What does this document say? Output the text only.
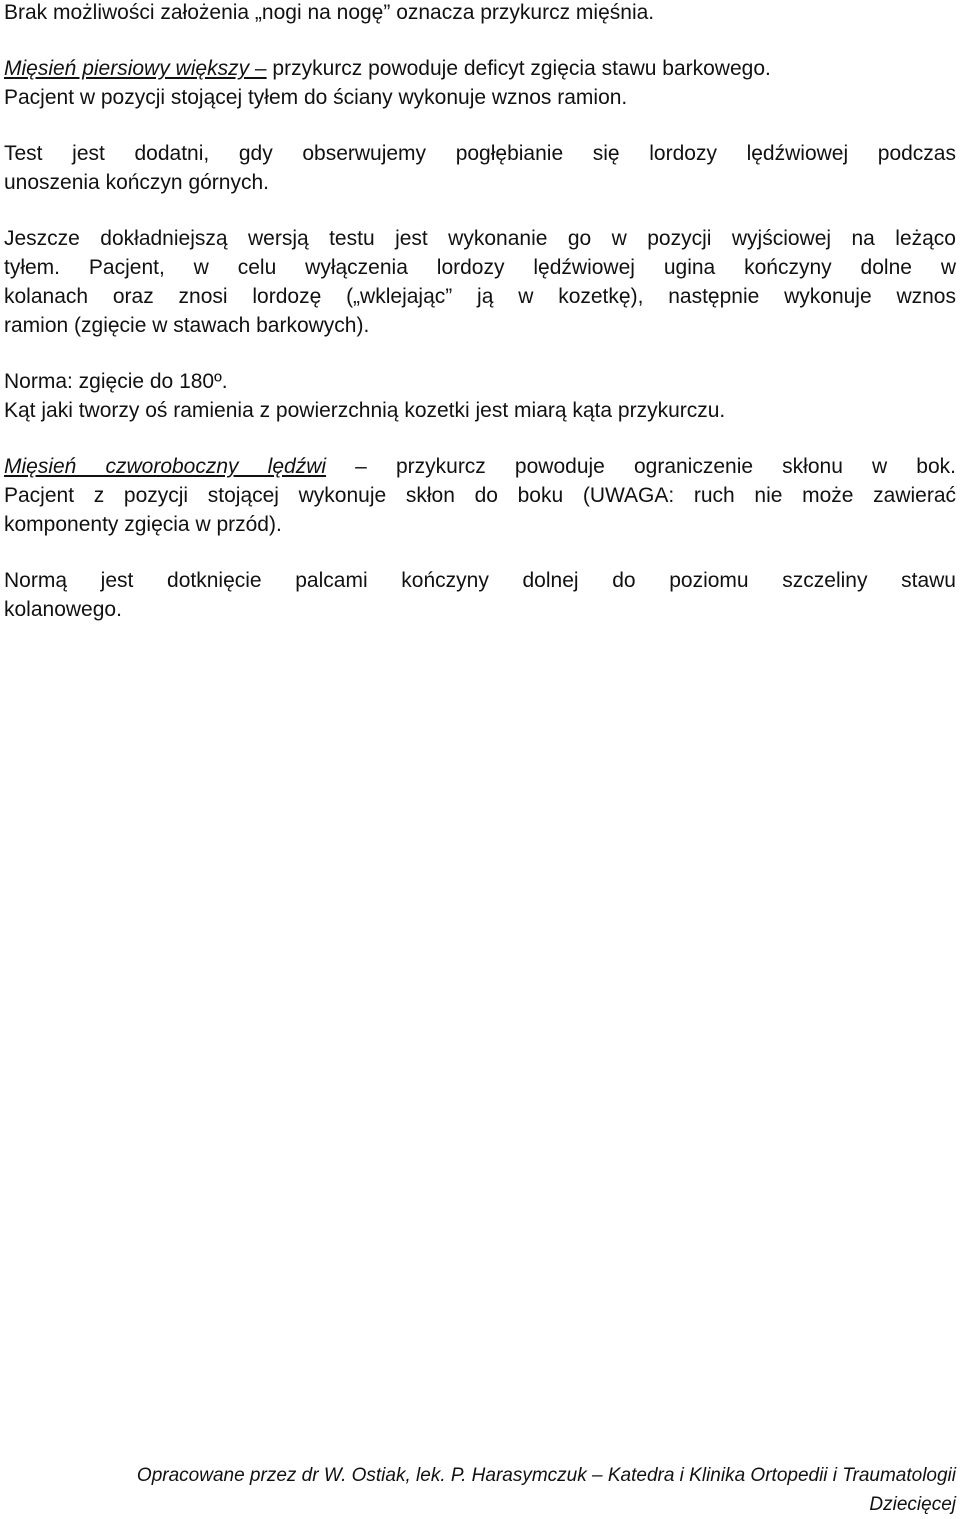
Brak możliwości założenia „nogi na nogę” oznacza przykurcz mięśnia.
Mięsień piersiowy większy – przykurcz powoduje deficyt zgięcia stawu barkowego.
Pacjent w pozycji stojącej tyłem do ściany wykonuje wznos ramion.
Test jest dodatni, gdy obserwujemy pogłębianie się lordozy lędźwiowej podczas
unoszenia kończyn górnych.
Jeszcze dokładniejszą wersją testu jest wykonanie go w pozycji wyjściowej na leżąco
tyłem. Pacjent, w celu wyłączenia lordozy lędźwiowej ugina kończyny dolne w
kolanach oraz znosi lordozę („wklejając” ją w kozetkę), następnie wykonuje wznos
ramion (zgięcie w stawach barkowych).
Norma: zgięcie do 180º.
Kąt jaki tworzy oś ramienia z powierzchnią kozetki jest miarą kąta przykurczu.
Mięsień czworoboczny lędźwi – przykurcz powoduje ograniczenie skłonu w bok.
Pacjent z pozycji stojącej wykonuje skłon do boku (UWAGA: ruch nie może zawierać
komponenty zgięcia w przód).
Normą jest dotknięcie palcami kończyny dolnej do poziomu szczeliny stawu
kolanowego.
Opracowane przez dr W. Ostiak, lek. P. Harasymczuk – Katedra i Klinika Ortopedii i Traumatologii
Dziecięcej
